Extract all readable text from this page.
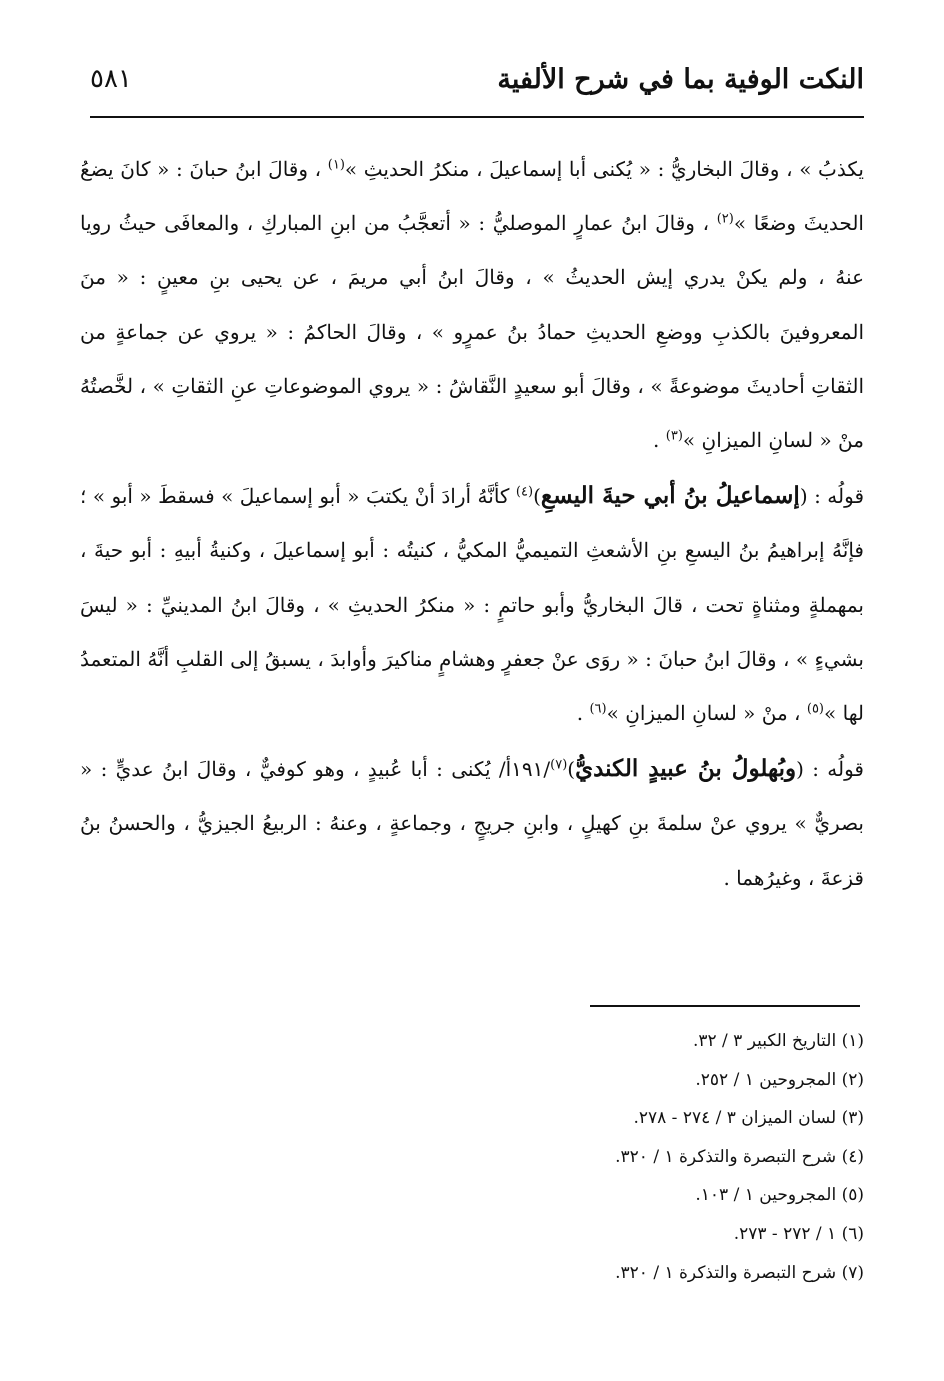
النكت الوفية بما في شرح الألفية
٥٨١

يكذبُ » ، وقالَ البخاريُّ : « يُكنى أبا إسماعيلَ ، منكرُ الحديثِ »$^{(١)}$ ، وقالَ ابنُ حبانَ : « كانَ يضعُ الحديثَ وضعًا »$^{(٢)}$ ، وقالَ ابنُ عمارٍ الموصليُّ : « أتعجَّبُ من ابنِ المباركِ ، والمعافَى حيثُ رويا عنهُ ، ولم يكنْ يدري إيش الحديثُ » ، وقالَ ابنُ أبي مريمَ ، عن يحيى بنِ معينٍ : « منَ المعروفينَ بالكذبِ ووضعِ الحديثِ حمادُ بنُ عمرٍو » ، وقالَ الحاكمُ : « يروي عن جماعةٍ من الثقاتِ أحاديثَ موضوعةً » ، وقالَ أبو سعيدٍ النَّقاشُ : « يروي الموضوعاتِ عنِ الثقاتِ » ، لخَّصتُهُ منْ « لسانِ الميزانِ »$^{(٣)}$ .

قولُه : (إسماعيلُ بنُ أبي حيةَ اليسعِ)$^{(٤)}$ كأنَّهُ أرادَ أنْ يكتبَ « أبو إسماعيلَ » فسقطَ « أبو » ؛ فإنَّهُ إبراهيمُ بنُ اليسعِ بنِ الأشعثِ التميميُّ المكيُّ ، كنيتُه : أبو إسماعيلَ ، وكنيةُ أبيهِ : أبو حيةَ ، بمهملةٍ ومثناةٍ تحت ، قالَ البخاريُّ وأبو حاتمٍ : « منكرُ الحديثِ » ، وقالَ ابنُ المدينيِّ : « ليسَ بشيءٍ » ، وقالَ ابنُ حبانَ : « روَى عنْ جعفرٍ وهشامٍ مناكيرَ وأوابدَ ، يسبقُ إلى القلبِ أنَّهُ المتعمدُ لها »$^{(٥)}$ ، منْ « لسانِ الميزانِ »$^{(٦)}$ .

قولُه : (وبُهلولُ بنُ عبيدٍ الكنديُّ)$^{(٧)}$/١٩١أ/ يُكنى : أبا عُبيدٍ ، وهو كوفيٌّ ، وقالَ ابنُ عديٍّ : « بصريٌّ » يروي عنْ سلمةَ بنِ كهيلٍ ، وابنِ جريجٍ ، وجماعةٍ ، وعنهُ : الربيعُ الجيزيُّ ، والحسنُ بنُ قزعةَ ، وغيرُهما .

(١) التاريخ الكبير ٣ / ٣٢.
(٢) المجروحين ١ / ٢٥٢.
(٣) لسان الميزان ٣ / ٢٧٤ - ٢٧٨.
(٤) شرح التبصرة والتذكرة ١ / ٣٢٠.
(٥) المجروحين ١ / ١٠٣.
(٦) ١ / ٢٧٢ - ٢٧٣.
(٧) شرح التبصرة والتذكرة ١ / ٣٢٠.
